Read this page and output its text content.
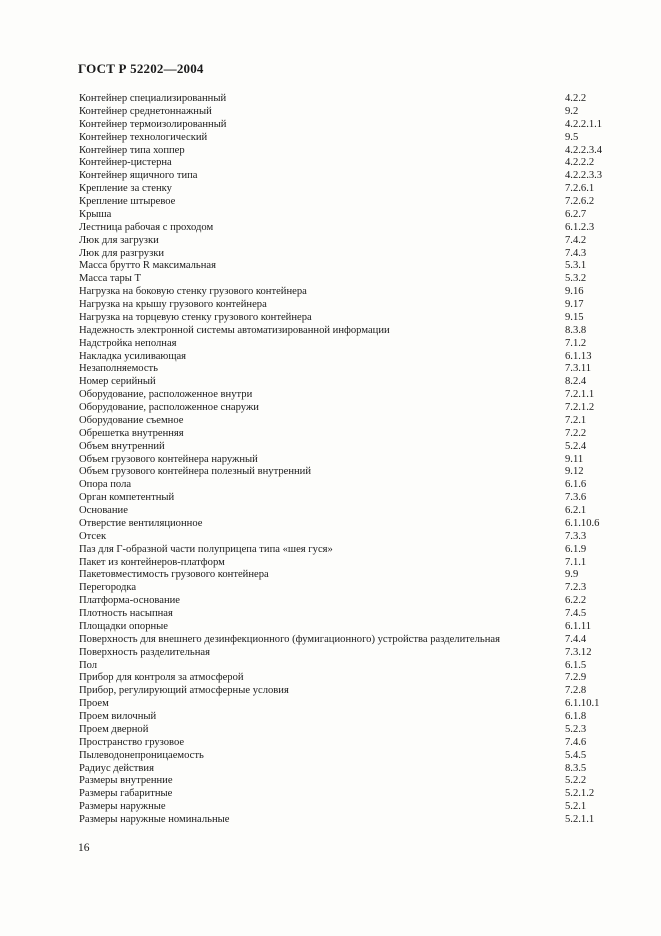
ГОСТ Р 52202—2004
Контейнер специализированный	4.2.2
Контейнер среднетоннажный	9.2
Контейнер термоизолированный	4.2.2.1.1
Контейнер технологический	9.5
Контейнер типа хоппер	4.2.2.3.4
Контейнер-цистерна	4.2.2.2
Контейнер ящичного типа	4.2.2.3.3
Крепление за стенку	7.2.6.1
Крепление штыревое	7.2.6.2
Крыша	6.2.7
Лестница рабочая с проходом	6.1.2.3
Люк для загрузки	7.4.2
Люк для разгрузки	7.4.3
Масса брутто R максимальная	5.3.1
Масса тары T	5.3.2
Нагрузка на боковую стенку грузового контейнера	9.16
Нагрузка на крышу грузового контейнера	9.17
Нагрузка на торцевую стенку грузового контейнера	9.15
Надежность электронной системы автоматизированной информации	8.3.8
Надстройка неполная	7.1.2
Накладка усиливающая	6.1.13
Незаполняемость	7.3.11
Номер серийный	8.2.4
Оборудование, расположенное внутри	7.2.1.1
Оборудование, расположенное снаружи	7.2.1.2
Оборудование съемное	7.2.1
Обрешетка внутренняя	7.2.2
Объем внутренний	5.2.4
Объем грузового контейнера наружный	9.11
Объем грузового контейнера полезный внутренний	9.12
Опора пола	6.1.6
Орган компетентный	7.3.6
Основание	6.2.1
Отверстие вентиляционное	6.1.10.6
Отсек	7.3.3
Паз для Г-образной части полуприцепа типа «шея гуся»	6.1.9
Пакет из контейнеров-платформ	7.1.1
Пакетовместимость грузового контейнера	9.9
Перегородка	7.2.3
Платформа-основание	6.2.2
Плотность насыпная	7.4.5
Площадки опорные	6.1.11
Поверхность для внешнего дезинфекционного (фумигационного) устройства разделительная	7.4.4
Поверхность разделительная	7.3.12
Пол	6.1.5
Прибор для контроля за атмосферой	7.2.9
Прибор, регулирующий атмосферные условия	7.2.8
Проем	6.1.10.1
Проем вилочный	6.1.8
Проем дверной	5.2.3
Пространство грузовое	7.4.6
Пылеводонепроницаемость	5.4.5
Радиус действия	8.3.5
Размеры внутренние	5.2.2
Размеры габаритные	5.2.1.2
Размеры наружные	5.2.1
Размеры наружные номинальные	5.2.1.1
16
